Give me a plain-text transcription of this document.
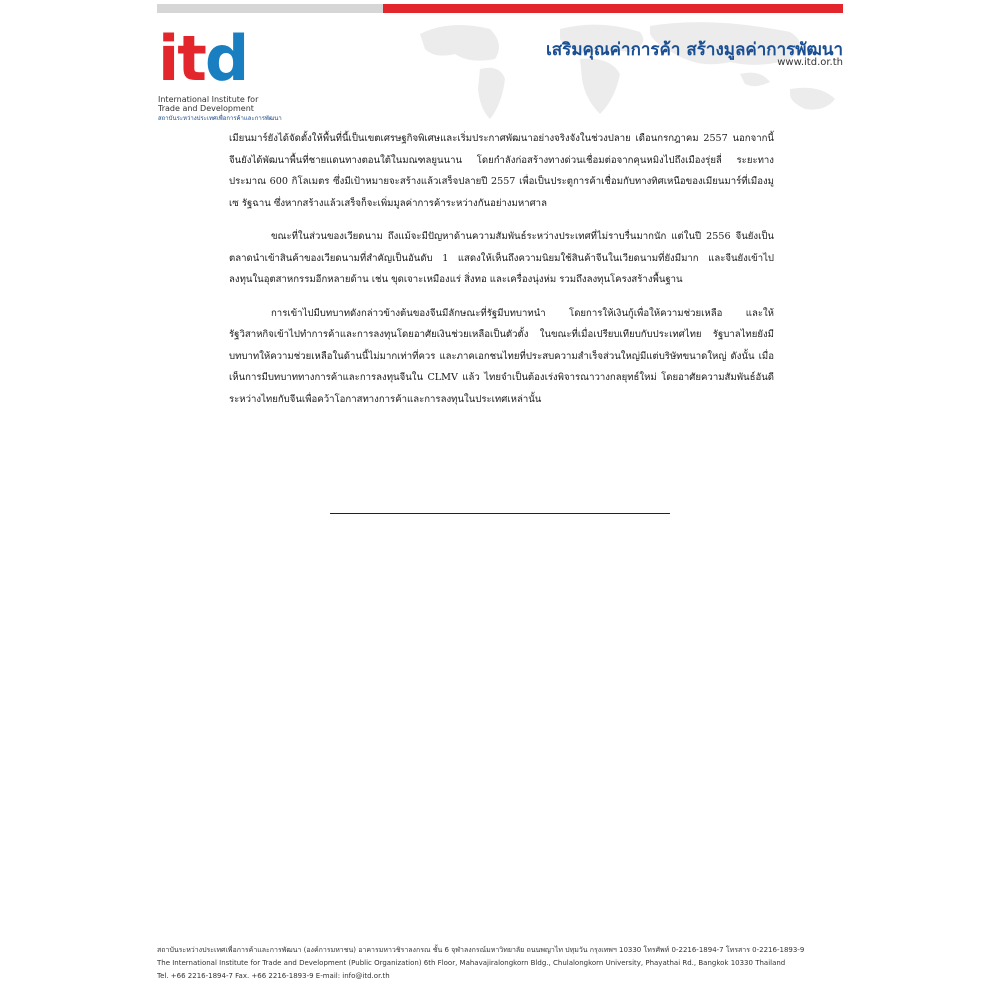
itd
International Institute for
Trade and Development
สถาบันระหว่างประเทศเพื่อการค้าและการพัฒนา
เสริมคุณค่าการค้า สร้างมูลค่าการพัฒนา
www.itd.or.th

เมียนมาร์ยังได้จัดตั้งให้พื้นที่นี้เป็นเขตเศรษฐกิจพิเศษและเริ่มประกาศพัฒนาอย่างจริงจังในช่วงปลาย เดือนกรกฎาคม 2557 นอกจากนี้ จีนยังได้พัฒนาพื้นที่ชายแดนทางตอนใต้ในมณฑลยูนนาน โดยกำลังก่อสร้างทางด่วนเชื่อมต่อจากคุนหมิงไปถึงเมืองรุ่ยลี่ ระยะทางประมาณ 600 กิโลเมตร ซึ่งมีเป้าหมายจะสร้างแล้วเสร็จปลายปี 2557 เพื่อเป็นประตูการค้าเชื่อมกับทางทิศเหนือของเมียนมาร์ที่เมืองมูเซ รัฐฉาน ซึ่งหากสร้างแล้วเสร็จก็จะเพิ่มมูลค่าการค้าระหว่างกันอย่างมหาศาล

ขณะที่ในส่วนของเวียดนาม ถึงแม้จะมีปัญหาด้านความสัมพันธ์ระหว่างประเทศที่ไม่ราบรื่นมากนัก แต่ในปี 2556 จีนยังเป็นตลาดนำเข้าสินค้าของเวียดนามที่สำคัญเป็นอันดับ 1 แสดงให้เห็นถึงความนิยมใช้สินค้าจีนในเวียดนามที่ยังมีมาก และจีนยังเข้าไปลงทุนในอุตสาหกรรมอีกหลายด้าน เช่น ขุดเจาะเหมืองแร่ สิ่งทอ และเครื่องนุ่งห่ม รวมถึงลงทุนโครงสร้างพื้นฐาน

การเข้าไปมีบทบาทดังกล่าวข้างต้นของจีนมีลักษณะที่รัฐมีบทบาทนำ โดยการให้เงินกู้เพื่อให้ความช่วยเหลือ และให้รัฐวิสาหกิจเข้าไปทำการค้าและการลงทุนโดยอาศัยเงินช่วยเหลือเป็นตัวตั้ง ในขณะที่เมื่อเปรียบเทียบกับประเทศไทย รัฐบาลไทยยังมีบทบาทให้ความช่วยเหลือในด้านนี้ไม่มากเท่าที่ควร และภาคเอกชนไทยที่ประสบความสำเร็จส่วนใหญ่มีแต่บริษัทขนาดใหญ่ ดังนั้น เมื่อเห็นการมีบทบาททางการค้าและการลงทุนจีนใน CLMV แล้ว ไทยจำเป็นต้องเร่งพิจารณาวางกลยุทธ์ใหม่ โดยอาศัยความสัมพันธ์อันดีระหว่างไทยกับจีนเพื่อคว้าโอกาสทางการค้าและการลงทุนในประเทศเหล่านั้น

สถาบันระหว่างประเทศเพื่อการค้าและการพัฒนา (องค์การมหาชน) อาคารมหาวชิราลงกรณ ชั้น 6 จุฬาลงกรณ์มหาวิทยาลัย ถนนพญาไท ปทุมวัน กรุงเทพฯ 10330 โทรศัพท์ 0-2216-1894-7 โทรสาร 0-2216-1893-9
The International Institute for Trade and Development (Public Organization) 6th Floor, Mahavajiralongkorn Bldg., Chulalongkorn University, Phayathai Rd., Bangkok 10330 Thailand
Tel. +66 2216-1894-7 Fax. +66 2216-1893-9 E-mail: info@itd.or.th
